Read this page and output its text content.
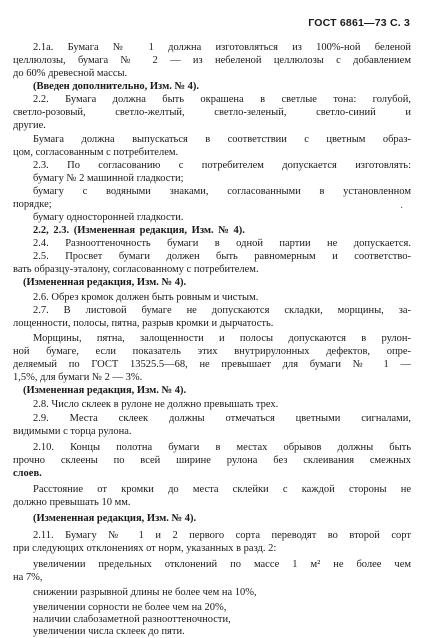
ГОСТ 6861—73 С. 3
2.1а. Бумага № 1 должна изготовляться из 100%-ной беленой
целлюлозы, бумага № 2 — из небеленой целлюлозы с добавлением
до 60% древесной массы.
(Введен дополнительно, Изм. № 4).
2.2. Бумага должна быть окрашена в светлые тона: голубой,
светло-розовый, светло-желтый, светло-зеленый, светло-синий и
другие.
Бумага должна выпускаться в соответствии с цветным образ-
цом, согласованным с потребителем.
2.3. По согласованию с потребителем допускается изготовлять:
бумагу № 2 машинной гладкости;
бумагу с водяными знаками, согласованными в установленном
порядке;
бумагу односторонней гладкости.
2.2, 2.3. (Измененная редакция, Изм. № 4).
2.4. Разнооттеночность бумаги в одной партии не допускается.
2.5. Просвет бумаги должен быть равномерным и соответство-
вать образцу-эталону, согласованному с потребителем.
(Измененная редакция, Изм. № 4).
2.6. Обрез кромок должен быть ровным и чистым.
2.7. В листовой бумаге не допускаются складки, морщины, за-
лощенности, полосы, пятна, разрыв кромки и дырчатость.
Морщины, пятна, залощенности и полосы допускаются в рулон-
ной бумаге, если показатель этих внутрирулонных дефектов, опре-
деляемый по ГОСТ 13525.5—68, не превышает для бумаги № 1 —
1,5%, для бумаги № 2 — 3%.
(Измененная редакция, Изм. № 4).
2.8. Число склеек в рулоне не должно превышать трех.
2.9. Места склеек должны отмечаться цветными сигналами,
видимыми с торца рулона.
2.10. Концы полотна бумаги в местах обрывов должны быть
прочно склеены по всей ширине рулона без склеивания смежных
слоев.
Расстояние от кромки до места склейки с каждой стороны не
должно превышать 10 мм.
(Измененная редакция, Изм. № 4).
2.11. Бумагу № 1 и 2 первого сорта переводят во второй сорт
при следующих отклонениях от норм, указанных в разд. 2:
увеличении предельных отклонений по массе 1 м² не более чем
на 7%,
снижении разрывной длины не более чем на 10%,
увеличении сорности не более чем на 20%,
наличии слабозаметной разнооттеночности,
увеличении числа склеек до пяти.
·
